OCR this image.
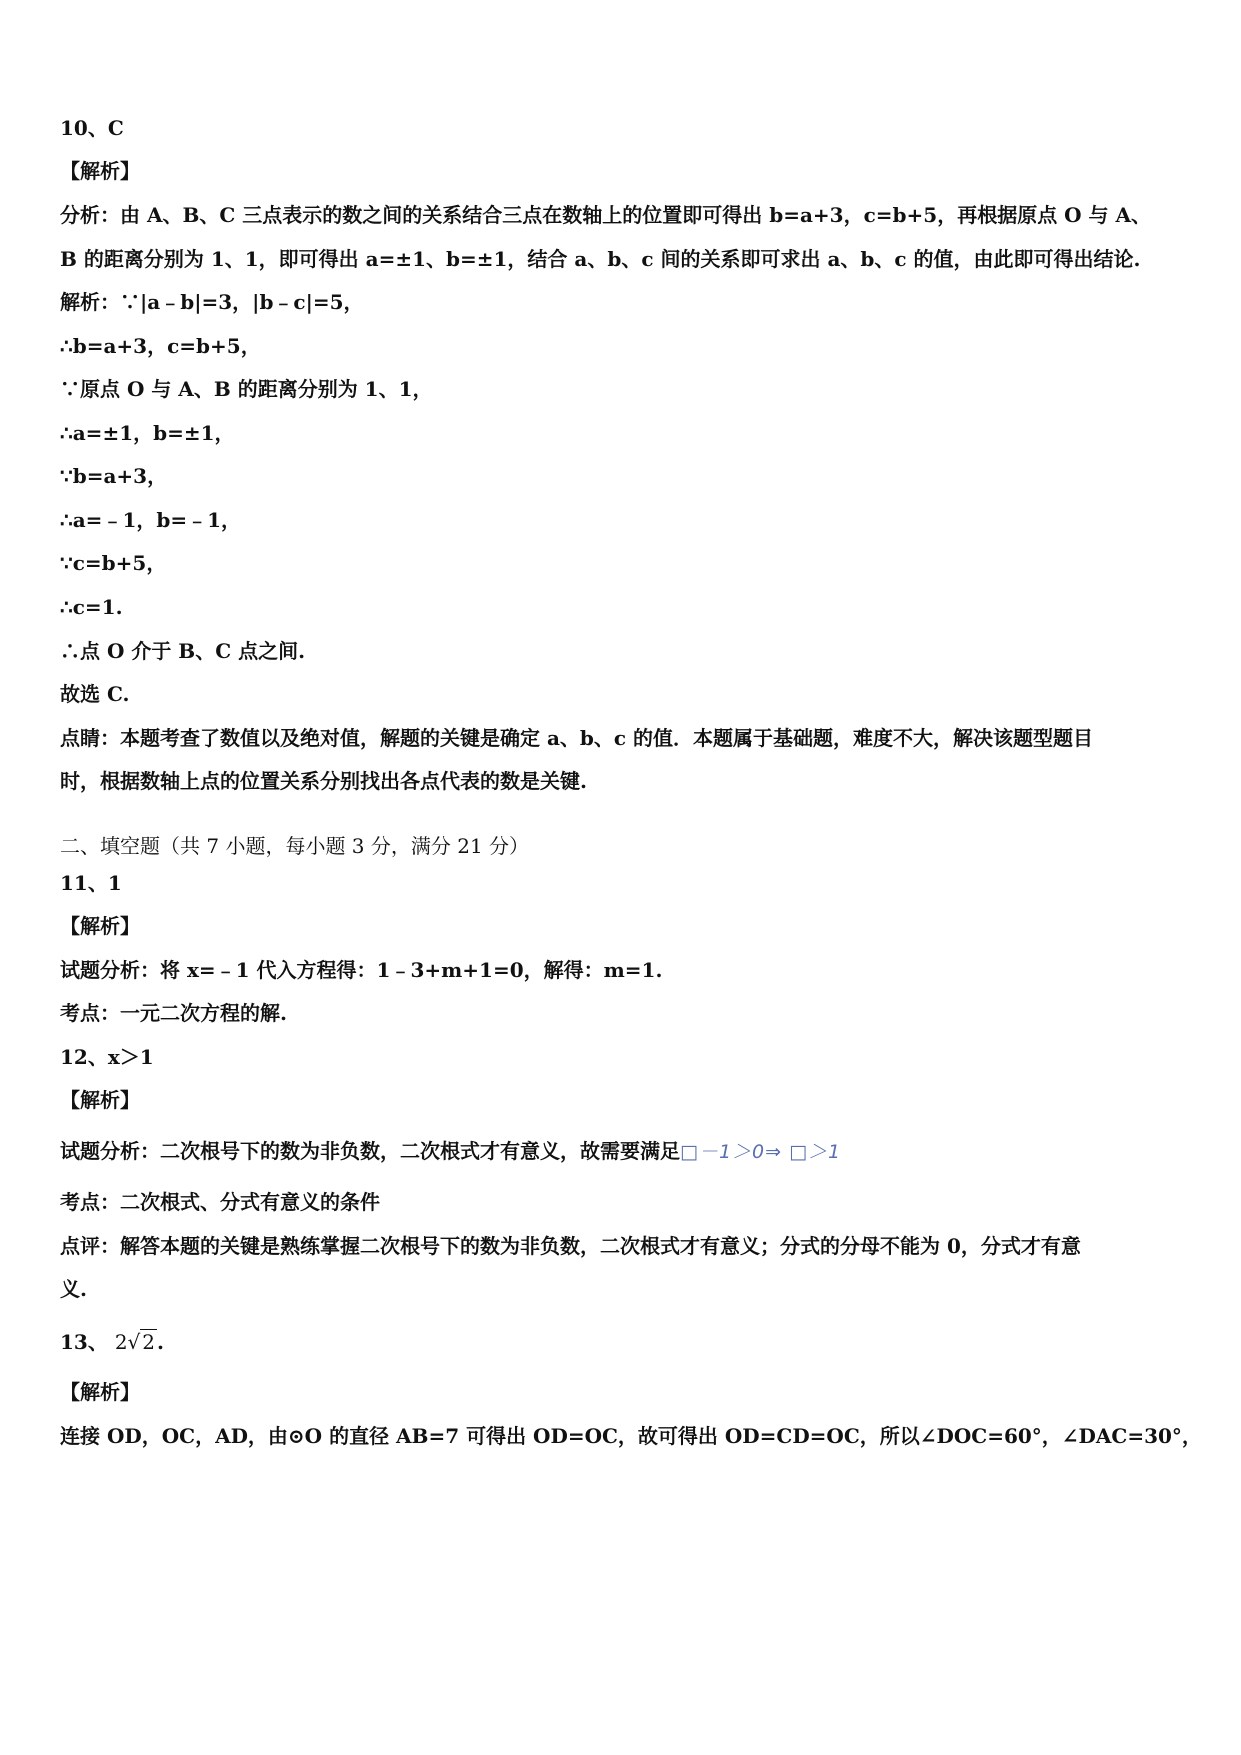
10、C
【解析】
分析：由 A、B、C 三点表示的数之间的关系结合三点在数轴上的位置即可得出 b=a+3，c=b+5，再根据原点 O 与 A、
B 的距离分别为 1、1，即可得出 a=±1、b=±1，结合 a、b、c 间的关系即可求出 a、b、c 的值，由此即可得出结论.
解析：∵|a﹣b|=3，|b﹣c|=5，
∴b=a+3，c=b+5，
∵原点 O 与 A、B 的距离分别为 1、1，
∴a=±1，b=±1，
∵b=a+3，
∴a=﹣1，b=﹣1，
∵c=b+5，
∴c=1.
∴点 O 介于 B、C 点之间.
故选 C.
点睛：本题考查了数值以及绝对值，解题的关键是确定 a、b、c 的值．本题属于基础题，难度不大，解决该题型题目
时，根据数轴上点的位置关系分别找出各点代表的数是关键.
二、填空题（共 7 小题，每小题 3 分，满分 21 分）
11、1
【解析】
试题分析：将 x=﹣1 代入方程得：1﹣3+m+1=0，解得：m=1.
考点：一元二次方程的解.
12、x＞1
【解析】
试题分析：二次根号下的数为非负数，二次根式才有意义，故需要满足□－1＞0⇒ □＞1
考点：二次根式、分式有意义的条件
点评：解答本题的关键是熟练掌握二次根号下的数为非负数，二次根式才有意义；分式的分母不能为 0，分式才有意
义.
13、 2√ 2 .
【解析】
连接 OD，OC，AD，由⊙O 的直径 AB=7 可得出 OD=OC，故可得出 OD=CD=OC，所以∠DOC=60°，∠DAC=30°，
